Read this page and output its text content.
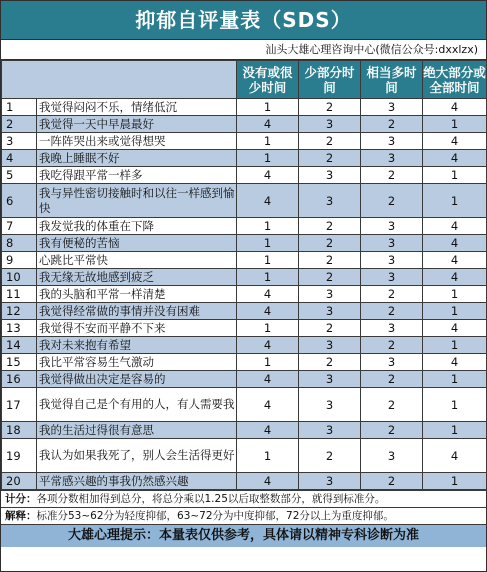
抑郁自评量表（SDS）
汕头大雄心理咨询中心(微信公众号:dxxlzx)
		没有或很少时间	少部分时间	相当多时间	绝大部分或全部时间
1	我觉得闷闷不乐，情绪低沉	1	2	3	4
2	我觉得一天中早晨最好	4	3	2	1
3	一阵阵哭出来或觉得想哭	1	2	3	4
4	我晚上睡眠不好	1	2	3	4
5	我吃得跟平常一样多	4	3	2	1
6	我与异性密切接触时和以往一样感到愉快	4	3	2	1
7	我发觉我的体重在下降	1	2	3	4
8	我有便秘的苦恼	1	2	3	4
9	心跳比平常快	1	2	3	4
10	我无缘无故地感到疲乏	1	2	3	4
11	我的头脑和平常一样清楚	4	3	2	1
12	我觉得经常做的事情并没有困难	4	3	2	1
13	我觉得不安而平静不下来	1	2	3	4
14	我对未来抱有希望	4	3	2	1
15	我比平常容易生气激动	1	2	3	4
16	我觉得做出决定是容易的	4	3	2	1
17	我觉得自己是个有用的人，有人需要我	4	3	2	1
18	我的生活过得很有意思	4	3	2	1
19	我认为如果我死了，别人会生活得更好	1	2	3	4
20	平常感兴趣的事我仍然感兴趣	4	3	2	1
计分：各项分数相加得到总分，将总分乘以1.25以后取整数部分，就得到标准分。
解释：标准分53~62分为轻度抑郁，63~72分为中度抑郁，72分以上为重度抑郁。
大雄心理提示：本量表仅供参考，具体请以精神专科诊断为准
